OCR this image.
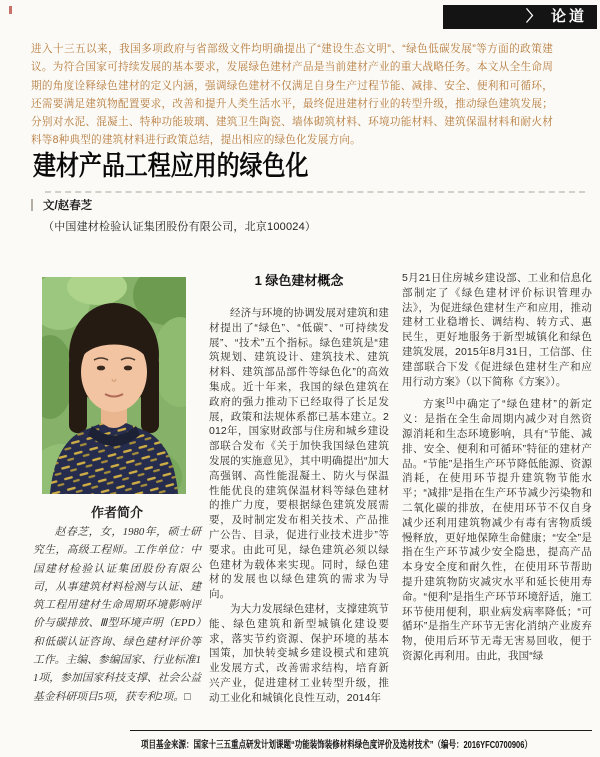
〉 论道

进入十三五以来，我国多项政府与省部级文件均明确提出了“建设生态文明”、“绿色低碳发展”等方面的政策建议。为符合国家可持续发展的基本要求，发展绿色建材产品是当前建材产业的重大战略任务。本文从全生命周期的角度诠释绿色建材的定义内涵，强调绿色建材不仅满足自身生产过程节能、减排、安全、便利和可循环，还需要满足建筑物配置要求，改善和提升人类生活水平，最终促进建材行业的转型升级，推动绿色建筑发展；分别对水泥、混凝土、特种功能玻璃、建筑卫生陶瓷、墙体砌筑材料、环境功能材料、建筑保温材料和耐火材料等8种典型的建筑材料进行政策总结，提出相应的绿色化发展方向。

建材产品工程应用的绿色化
文/赵春芝
（中国建材检验认证集团股份有限公司，北京100024）
作者简介

赵春芝，女，1980年，硕士研究生，高级工程师。工作单位：中国建材检验认证集团股份有限公司，从事建筑材料检测与认证、建筑工程用建材生命周期环境影响评价与碳排放、Ⅲ型环境声明（EPD）和低碳认证咨询、绿色建材评价等工作。主编、参编国家、行业标准11项，参加国家科技支撑、社会公益基金科研项目5项，获专利2项。□

1 绿色建材概念

经济与环境的协调发展对建筑和建材提出了“绿色”、“低碳”、“可持续发展”、“技术”五个指标。绿色建筑是“建筑规划、建筑设计、建筑技术、建筑材料、建筑部品部件等绿色化”的高效集成。近十年来，我国的绿色建筑在政府的强力推动下已经取得了长足发展，政策和法规体系都已基本建立。2012年，国家财政部与住房和城乡建设部联合发布《关于加快我国绿色建筑发展的实施意见》，其中明确提出“加大高强钢、高性能混凝土、防火与保温性能优良的建筑保温材料等绿色建材的推广力度，要根据绿色建筑发展需要，及时制定发布相关技术、产品推广公告、目录，促进行业技术进步”等要求。由此可见，绿色建筑必须以绿色建材为载体来实现。同时，绿色建材的发展也以绿色建筑的需求为导向。

为大力发展绿色建材，支撑建筑节能、绿色建筑和新型城镇化建设要求，落实节约资源、保护环境的基本国策，加快转变城乡建设模式和建筑业发展方式，改善需求结构，培育新兴产业，促进建材工业转型升级，推动工业化和城镇化良性互动，2014年

5月21日住房城乡建设部、工业和信息化部制定了《绿色建材评价标识管理办法》，为促进绿色建材生产和应用，推动建材工业稳增长、调结构、转方式、惠民生，更好地服务于新型城镇化和绿色建筑发展，2015年8月31日，工信部、住建部联合下发《促进绿色建材生产和应用行动方案》（以下简称《方案》）。

方案[1]中确定了“绿色建材”的新定义：是指在全生命周期内减少对自然资源消耗和生态环境影响，具有“节能、减排、安全、便利和可循环”特征的建材产品。“节能”是指生产环节降低能源、资源消耗，在使用环节提升建筑物节能水平；“减排”是指在生产环节减少污染物和二氧化碳的排放，在使用环节不仅自身减少还利用建筑物减少有毒有害物质缓慢释放，更好地保障生命健康；“安全”是指在生产环节减少安全隐患，提高产品本身安全度和耐久性，在使用环节帮助提升建筑物防灾减灾水平和延长使用寿命。“便利”是指生产环节环境舒适，施工环节使用便利，职业病发病率降低；“可循环”是指生产环节无害化消纳产业废弃物，使用后环节无毒无害易回收，便于资源化再利用。由此，我国“绿

项目基金来源：国家十三五重点研发计划课题“功能装饰装修材料绿色度评价及选材技术”（编号：2016YFC0700906）
